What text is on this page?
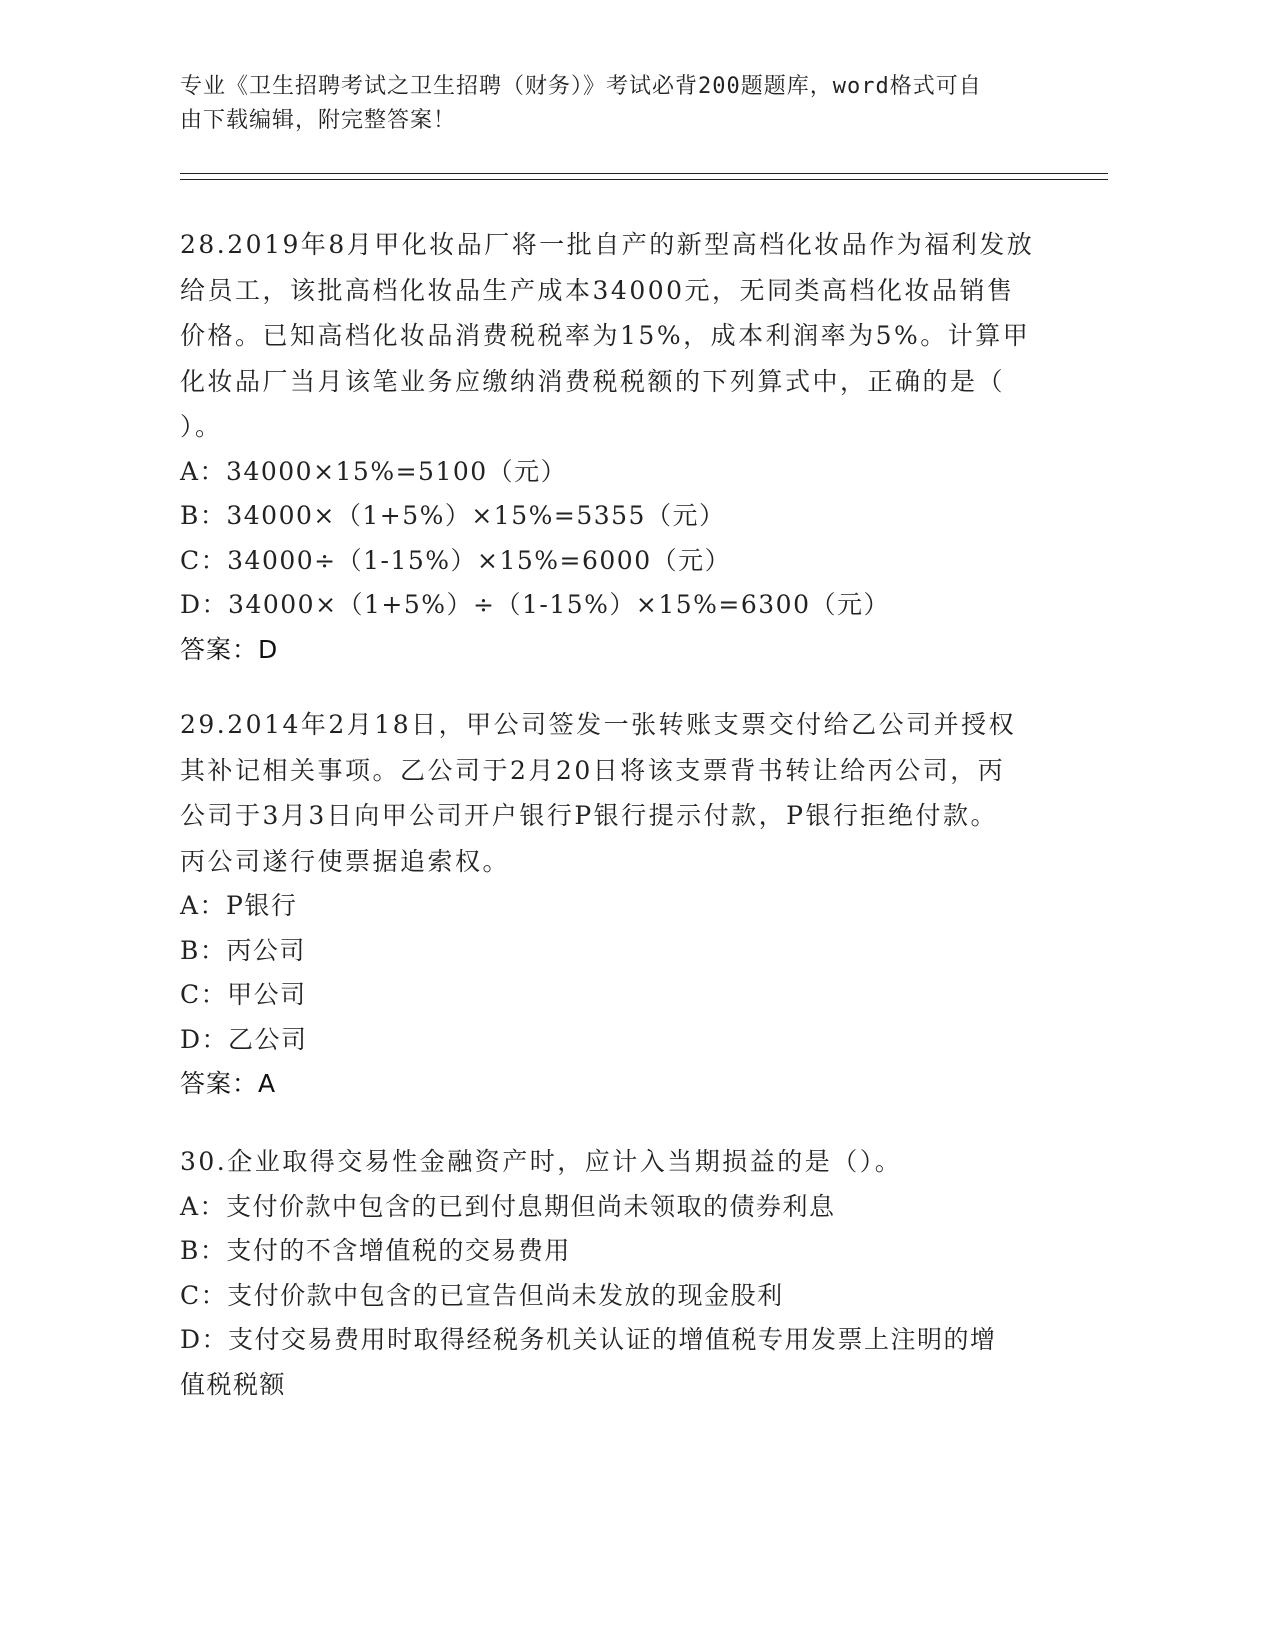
专业《卫生招聘考试之卫生招聘（财务）》考试必背200题题库，word格式可自
由下载编辑，附完整答案！

28.2019年8月甲化妆品厂将一批自产的新型高档化妆品作为福利发放

给员工，该批高档化妆品生产成本34000元，无同类高档化妆品销售

价格。已知高档化妆品消费税税率为15%，成本利润率为5%。计算甲

化妆品厂当月该笔业务应缴纳消费税税额的下列算式中，正确的是（

）。

A：34000×15%=5100（元）

B：34000×（1+5%）×15%=5355（元）

C：34000÷（1-15%）×15%=6000（元）

D：34000×（1+5%）÷（1-15%）×15%=6300（元）

答案：D

29.2014年2月18日，甲公司签发一张转账支票交付给乙公司并授权

其补记相关事项。乙公司于2月20日将该支票背书转让给丙公司，丙

公司于3月3日向甲公司开户银行P银行提示付款，P银行拒绝付款。

丙公司遂行使票据追索权。

A：P银行

B：丙公司

C：甲公司

D：乙公司

答案：A

30.企业取得交易性金融资产时，应计入当期损益的是（）。

A：支付价款中包含的已到付息期但尚未领取的债券利息

B：支付的不含增值税的交易费用

C：支付价款中包含的已宣告但尚未发放的现金股利

D：支付交易费用时取得经税务机关认证的增值税专用发票上注明的增

值税税额
